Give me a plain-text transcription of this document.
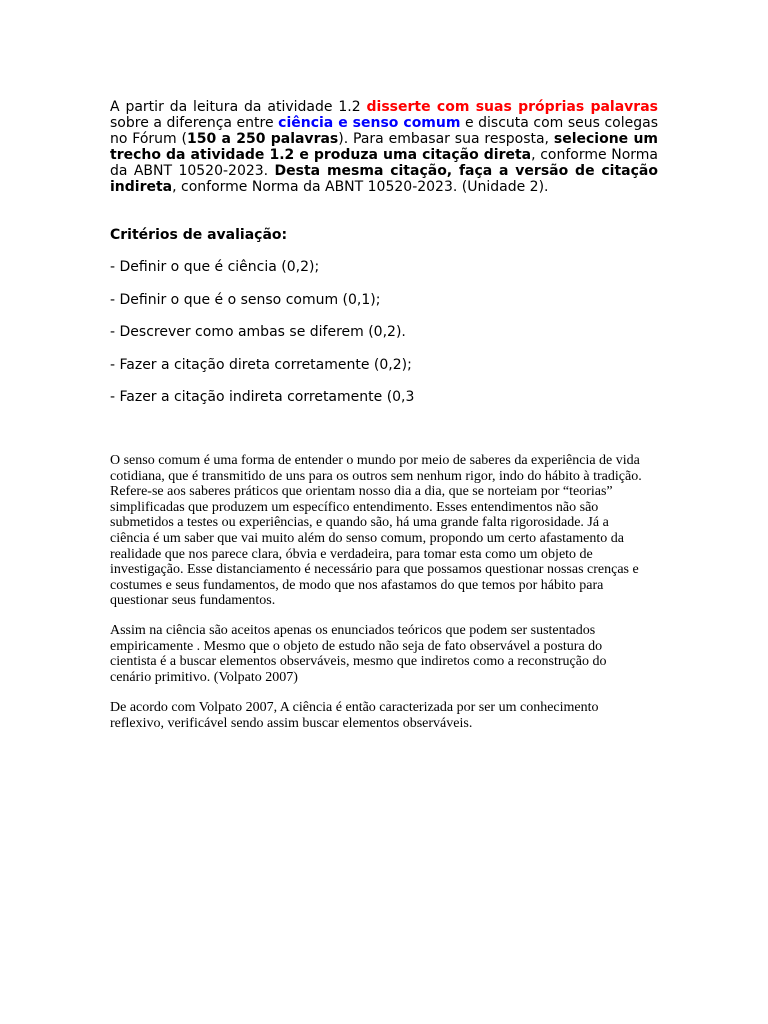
A partir da leitura da atividade 1.2 disserte com suas próprias palavras sobre a diferença entre ciência e senso comum e discuta com seus colegas no Fórum (150 a 250 palavras). Para embasar sua resposta, selecione um trecho da atividade 1.2 e produza uma citação direta, conforme Norma da ABNT 10520-2023. Desta mesma citação, faça a versão de citação indireta, conforme Norma da ABNT 10520-2023. (Unidade 2).

Critérios de avaliação:

- Definir o que é ciência (0,2);

- Definir o que é o senso comum (0,1);

- Descrever como ambas se diferem (0,2).

- Fazer a citação direta corretamente (0,2);

- Fazer a citação indireta corretamente (0,3

O senso comum é uma forma de entender o mundo por meio de saberes da experiência de vida cotidiana, que é transmitido de uns para os outros sem nenhum rigor, indo do hábito à tradição. Refere-se aos saberes práticos que orientam nosso dia a dia, que se norteiam por “teorias” simplificadas que produzem um específico entendimento. Esses entendimentos não são submetidos a testes ou experiências, e quando são, há uma grande falta rigorosidade. Já a ciência é um saber que vai muito além do senso comum, propondo um certo afastamento da realidade que nos parece clara, óbvia e verdadeira, para tomar esta como um objeto de investigação. Esse distanciamento é necessário para que possamos questionar nossas crenças e costumes e seus fundamentos, de modo que nos afastamos do que temos por hábito para questionar seus fundamentos.

Assim na ciência são aceitos apenas os enunciados teóricos que podem ser sustentados empiricamente . Mesmo que o objeto de estudo não seja de fato observável a postura do cientista é a buscar elementos observáveis, mesmo que indiretos como a reconstrução do cenário primitivo. (Volpato 2007)

De acordo com Volpato 2007, A ciência é então caracterizada por ser um conhecimento reflexivo, verificável sendo assim buscar elementos observáveis.
